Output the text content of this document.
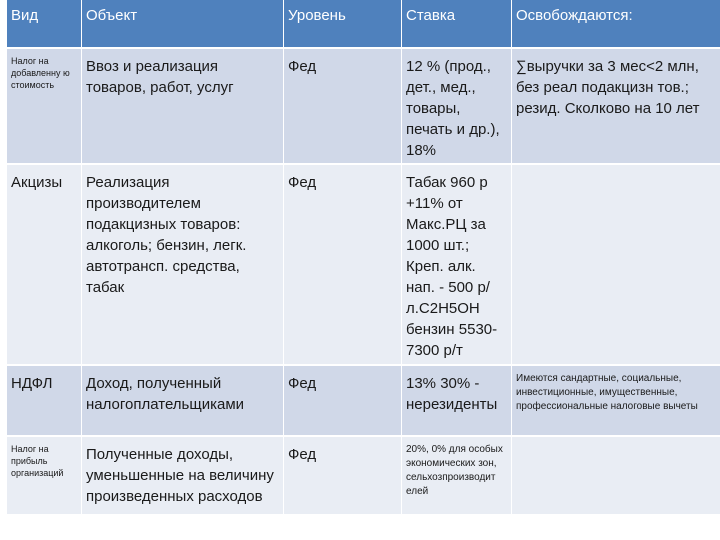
Вид	Объект	Уровень	Ставка	Освобождаются:
Налог на добавленну ю стоимость	Ввоз и реализация товаров, работ, услуг	Фед	12 % (прод., дет., мед., товары, печать и др.), 18%	∑выручки за 3 мес<2 млн, без реал подакцизн тов.; резид. Сколково на 10 лет
Акцизы	Реализация производителем подакцизных товаров: алкоголь; бензин, легк. автотрансп. средства, табак	Фед	Табак 960 р +11% от Макс.РЦ за 1000 шт.; Креп. алк. нап. - 500 р/л.С2Н5ОН бензин 5530-7300 р/т	
НДФЛ	Доход, полученный налогоплательщиками	Фед	13% 30% - нерезиденты	Имеются сандартные, социальные, инвестиционные, имущественные, профессиональные налоговые вычеты
Налог на прибыль организаций	Полученные доходы, уменьшенные на величину произведенных расходов	Фед	20%, 0% для особых экономических зон, сельхозпроизводит елей	
